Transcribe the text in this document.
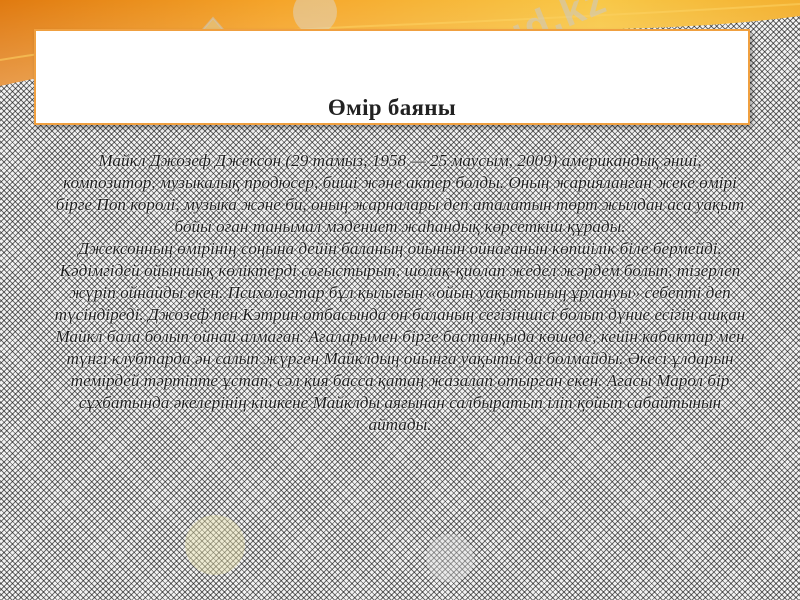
Өмір баяны

Майкл Джозеф Джексон (29 тамыз, 1958 — 25 маусым, 2009) американдық әнші, композитор, музыкалық продюсер, биші және актер болды. Оның жарияланған жеке өмірі бірге Поп королі, музыка және би, оның жарналары деп аталатын төрт жылдан аса уақыт бойы оған танымал мәдениет жаһандық көрсеткіш құрады.

Джексонның өмірінің соңына дейін баланың ойынын ойнағанын көпшілік біле бермейді. Кәдімгідей ойыншық көліктерді соғыстырып, шолақ-қиолап жедел жәрдем болып, тізерлеп жүріп ойнайды екен. Психологтар бұл қылығын «ойын уақытының ұрлануы» себепті деп түсіндіреді. Джозеф пен Кэтрин отбасында он баланың сегізіншісі болып дүние есігін ашқан Майкл бала болып ойнай алмаған. Ағаларымен бірге бастанқыда көшеде, кейін кабактар мен түнгі клубтарда ән салып жүрген Майклдың ойынға уақыты да болмайды. Әкесі ұлдарын темірдей тәртіпте ұстап, сәл қия басса қатаң жазалап отырған екен. Ағасы Марол бір сұхбатында әкелерінің кішкене Майклды аяғынан салбыратып іліп қойып сабайтынын айтады.
